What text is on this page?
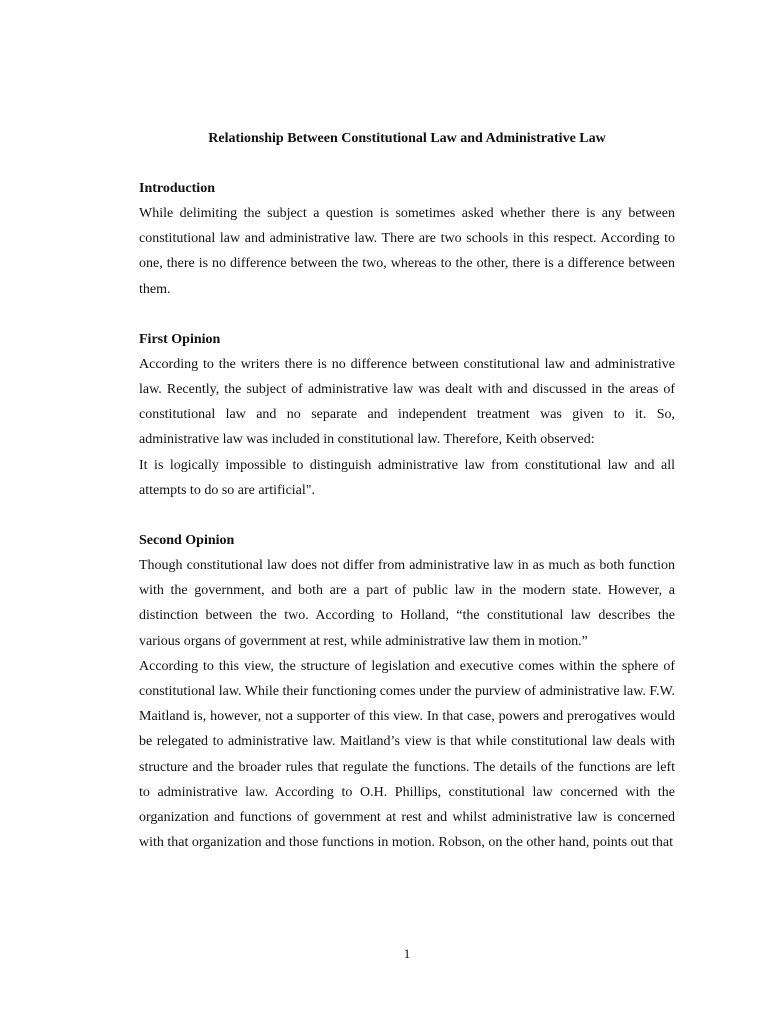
Relationship Between Constitutional Law and Administrative Law
Introduction

While delimiting the subject a question is sometimes asked whether there is any between constitutional law and administrative law. There are two schools in this respect. According to one, there is no difference between the two, whereas to the other, there is a difference between them.

First Opinion

According to the writers there is no difference between constitutional law and administrative law. Recently, the subject of administrative law was dealt with and discussed in the areas of constitutional law and no separate and independent treatment was given to it. So, administrative law was included in constitutional law. Therefore, Keith observed:

It is logically impossible to distinguish administrative law from constitutional law and all attempts to do so are artificial".

Second Opinion

Though constitutional law does not differ from administrative law in as much as both function with the government, and both are a part of public law in the modern state. However, a distinction between the two. According to Holland, “the constitutional law describes the various organs of government at rest, while administrative law them in motion.”

According to this view, the structure of legislation and executive comes within the sphere of constitutional law. While their functioning comes under the purview of administrative law. F.W. Maitland is, however, not a supporter of this view. In that case, powers and prerogatives would be relegated to administrative law. Maitland’s view is that while constitutional law deals with structure and the broader rules that regulate the functions. The details of the functions are left to administrative law. According to O.H. Phillips, constitutional law concerned with the organization and functions of government at rest and whilst administrative law is concerned with that organization and those functions in motion. Robson, on the other hand, points out that

1
